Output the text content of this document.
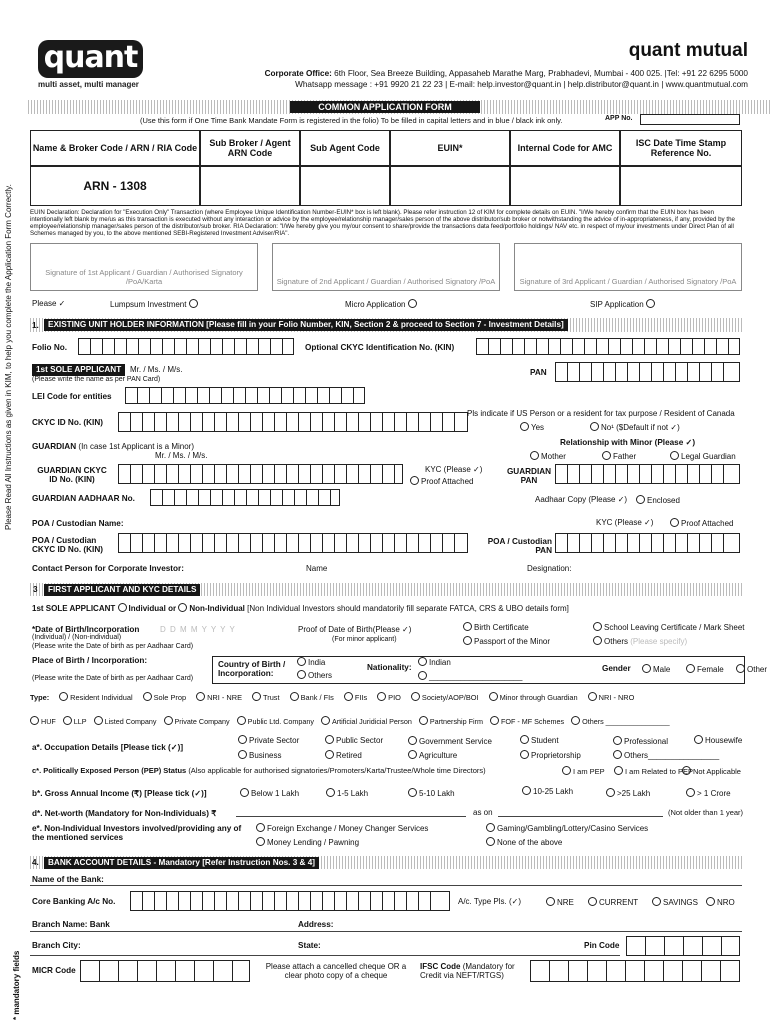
quant
multi asset, multi manager
quant mutual
Corporate Office: 6th Floor, Sea Breeze Building, Appasaheb Marathe Marg, Prabhadevi, Mumbai - 400 025. |Tel: +91 22 6295 5000
Whatsapp message : +91 9920 21 22 23 | E-mail: help.investor@quant.in | help.distributor@quant.in | www.quantmutual.com
COMMON APPLICATION FORM
(Use this form if One Time Bank Mandate Form is registered in the folio) To be filled in capital letters and in blue / black ink only.	APP No.
Please Read All Instructions as given in KIM, to help you complete the Application Form Correctly.
* mandatory fields
Name & Broker Code / ARN / RIA Code	Sub Broker / Agent ARN Code	Sub Agent Code	EUIN*	Internal Code for AMC	ISC Date Time Stamp Reference No.
ARN - 1308
EUIN Declaration: Declaration for "Execution Only" Transaction (where Employee Unique Identification Number-EUIN* box is left blank). Please refer instruction 12 of KIM for complete details on EUIN. "I/We hereby confirm that the EUIN box has been intentionally left blank by me/us as this transaction is executed without any interaction or advice by the employee/relationship manager/sales person of the above distributor/sub broker or notwithstanding the advice of in-appropriateness, if any, provided by the employee/relationship manager/sales person of the distributor/sub broker. RIA Declaration: "I/We hereby give you my/our consent to share/provide the transactions data feed/portfolio holdings/ NAV etc. in respect of my/our investments under Direct Plan of all Schemes managed by you, to the above mentioned SEBI-Registered Investment Adviser/RIA".
Signature of 1st Applicant / Guardian / Authorised Signatory /PoA/Karta	Signature of 2nd Applicant / Guardian / Authorised Signatory /PoA	Signature of 3rd Applicant / Guardian / Authorised Signatory /PoA
Please ✓	Lumpsum Investment	Micro Application	SIP Application
1.	EXISTING UNIT HOLDER INFORMATION [Please fill in your Folio Number, KIN, Section 2 & proceed to Section 7 - Investment Details]
Folio No.	Optional CKYC Identification No. (KIN)
1st SOLE APPLICANT	Mr. / Ms. / M/s.
(Please write the name as per PAN Card)
PAN
LEI Code for entities
CKYC ID No. (KIN)
Pls indicate if US Person or a resident for tax purpose / Resident of Canada
Yes	No¹ ($Default if not ✓)
GUARDIAN (In case 1st Applicant is a Minor)
Mr. / Ms. / M/s.
Relationship with Minor (Please ✓)
Mother	Father	Legal Guardian
GUARDIAN CKYC ID No. (KIN)
KYC (Please ✓)
Proof Attached
GUARDIAN PAN
GUARDIAN AADHAAR No.	Aadhaar Copy (Please ✓)	Enclosed
POA / Custodian Name:	KYC (Please ✓)	Proof Attached
POA / Custodian CKYC ID No. (KIN)
POA / Custodian PAN
Contact Person for Corporate Investor:	Name	Designation:
3	FIRST APPLICANT AND KYC DETAILS
1st SOLE APPLICANT Individual or Non-Individual [Non Individual Investors should mandatorily fill separate FATCA, CRS & UBO details form]
*Date of Birth/Incorporation	D D M M Y Y Y Y
(Individual) / (Non-individual)
(Please write the Date of birth as per Aadhaar Card)
Proof of Date of Birth(Please ✓)
(For minor applicant)
Birth Certificate
Passport of the Minor
School Leaving Certificate / Mark Sheet
Others (Please specify)
Place of Birth / Incorporation:
(Please write the Date of birth as per Aadhaar Card)
Country of Birth / Incorporation:
India
Others
Nationality:
Indian
_____________________
Gender	Male	Female	Other
Type:	Resident Individual	Sole Prop	NRI - NRE	Trust	Bank / FIs	FIIs	PIO	Society/AOP/BOI	Minor through Guardian	NRI - NRO
HUF	LLP	Listed Company	Private Company	Public Ltd. Company	Artificial Juridicial Person	Partnership Firm	FOF - MF Schemes	Others ________________
a*. Occupation Details [Please tick (✓)]
Private Sector	Public Sector	Government Service	Student	Professional	Housewife
Business	Retired	Agriculture	Proprietorship	Others________________
c*. Politically Exposed Person (PEP) Status (Also applicable for authorised signatories/Promoters/Karta/Trustee/Whole time Directors)	I am PEP	I am Related to PEP Not Applicable
b*. Gross Annual Income (₹) [Please tick (✓)]	Below 1 Lakh	1-5 Lakh	5-10 Lakh	10-25 Lakh	>25 Lakh	> 1 Crore
d*. Net-worth (Mandatory for Non-Individuals) ₹	as on	(Not older than 1 year)
e*. Non-Individual Investors involved/providing any of the mentioned services
Foreign Exchange / Money Changer Services	Gaming/Gambling/Lottery/Casino Services
Money Lending / Pawning	None of the above
4.	BANK ACCOUNT DETAILS - Mandatory [Refer Instruction Nos. 3 & 4]
Name of the Bank:
Core Banking A/c No.	A/c. Type Pls. (✓)	NRE	CURRENT	SAVINGS	NRO
Branch Name: Bank	Address:
Branch City:	State:	Pin Code
MICR Code	Please attach a cancelled cheque OR a clear photo copy of a cheque
IFSC Code (Mandatory for Credit via NEFT/RTGS)
